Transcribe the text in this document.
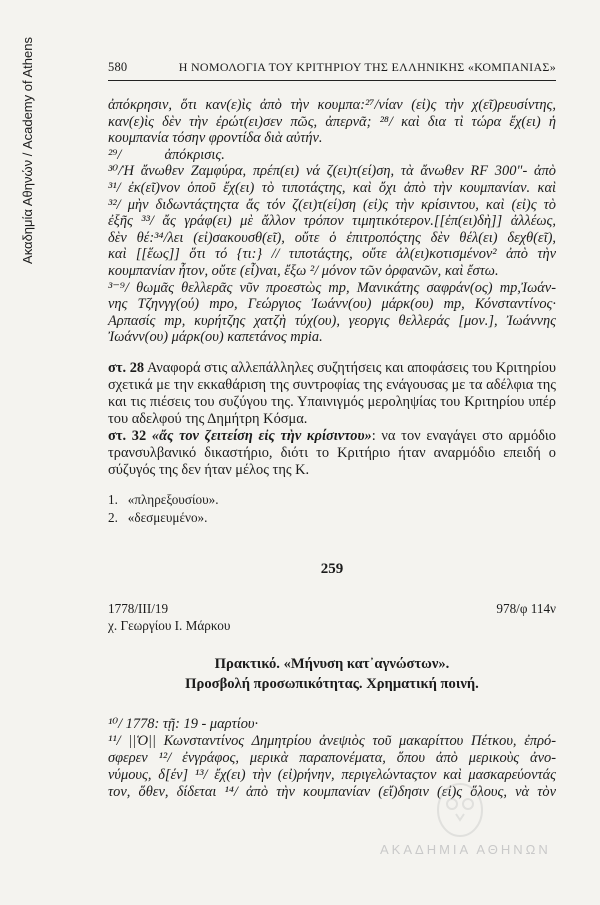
Ακαδημία Αθηνών / Academy of Athens	580	Η ΝΟΜΟΛΟΓΙΑ ΤΟΥ ΚΡΙΤΗΡΙΟΥ ΤΗΣ ΕΛΛΗΝΙΚΗΣ «ΚΟΜΠΑΝΙΑΣ»
ἀπόκρησιν, ὅτι καν(ε)ὶς ἀπὸ τὴν κουμπα:²⁷/νίαν (εἰ)ς τὴν χ(εῖ)ρευσίντης,
καν(ε)ὶς δὲν τὴν ἐρώτ(ει)σεν πῶς, ἀπερνᾶ; ²⁸/ καὶ δια τὶ τώρα ἔχ(ει) ἡ
κουμπανία τόσην φροντίδα διὰ αὐτήν.
²⁹/            ἀπόκρισις.
³⁰/Ἡ ἄνωθεν Ζαμφύρα, πρέπ(ει) νά ζ(ει)τ(εί)ση, τὰ ἄνωθεν RF 300"- ἀπὸ
³¹/ ἐκ(εῖ)νον ὁποῦ ἔχ(ει) τὸ τιποτάςτης, καὶ ὄχι ἀπὸ τὴν κουμπανίαν. καὶ
³²/ μὴν διδωντάςτηςτα ἄς τόν ζ(ει)τ(εί)ση (εἰ)ς τὴν κρίσιντου, καὶ (εἰ)ς τὸ
ἐξῆς ³³/ ἄς γράφ(ει) μὲ ἄλλον τρόπον τιμητικότερον.[[ἐπ(ει)δὴ]] ἀλλέως,
δὲν θέ:³⁴/λει (εἰ)σακουσθ(εῖ), οὔτε ὁ ἐπιτροπόςτης δὲν θέλ(ει) δεχθ(εῖ),
καὶ [[ἕως]] ὅτι τό {τι:} // τιποτάςτης, οὔτε ἀλ(ει)κοτισμένον² ἀπὸ τὴν
κουμπανίαν ἦτον, οὔτε (εἶ)ναι, ἔξω ²/ μόνον τῶν ὀρφανῶν, καὶ ἔστω.
³⁻⁹/ θωμᾶς θελλερᾶς νῦν προεστὼς mp, Μανικάτης σαφράν(ος) mp,Ἰωάν-
νης Τζηνγγ(ού) mpo, Γεώργιος Ἰωάνν(ου) μάρκ(ου) mp, Κόνσταντίνος·
Αρπασίς mp, κυρήτζης χατζὴ τύχ(ου), γεοργις θελλεράς [μον.], Ἰωάννης
Ἰωάνν(ου) μάρκ(ου) καπετάνος mpia.
στ. 28 Αναφορά στις αλλεπάλληλες συζητήσεις και αποφάσεις του Κριτηρίου σχετικά με την εκκαθάριση της συντροφίας της ενάγουσας με τα αδέλφια της και τις πιέσεις του συζύγου της. Υπαινιγμός μεροληψίας του Κριτηρίου υπέρ του αδελφού της Δημήτρη Κόσμα.
στ. 32 «ἄς τον ζειτείση εἰς τὴν κρίσιντου»: να τον εναγάγει στο αρμόδιο τρανσυλβανικό δικαστήριο, διότι το Κριτήριο ήταν αναρμόδιο επειδή ο σύζυγός της δεν ήταν μέλος της Κ.
1. «πληρεξουσίου».
2. «δεσμευμένο».
259
1778/ΙΙΙ/19
χ. Γεωργίου Ι. Μάρκου
978/φ 114ν
Πρακτικό. «Μήνυση κατ᾽αγνώστων».
Προσβολή προσωπικότητας. Χρηματική ποινή.
¹⁰/ 1778: τῇ: 19 - μαρτίου·
¹¹/ ||Ὁ|| Κωνσταντίνος Δημητρίου ἀνεψιὸς τοῦ μακαρίττου Πέτκου, ἐπρό-
σφερεν ¹²/ ἐνγράφος, μερικὰ παραπονέματα, ὅπου ἀπὸ μερικοὺς ἀνο-
νύμους, δ[έν] ¹³/ ἔχ(ει) τὴν (εἰ)ρήνην, περιγελώνταςτον καὶ μασκαρεύοντάς
τον, ὅθεν, δίδεται ¹⁴/ ἀπὸ τὴν κουμπανίαν (εἴ)δησιν (εἰ)ς ὅλους, νὰ τὸν
ΑΚΑΔΗΜΙΑ ΑΘΗΝΩΝ
